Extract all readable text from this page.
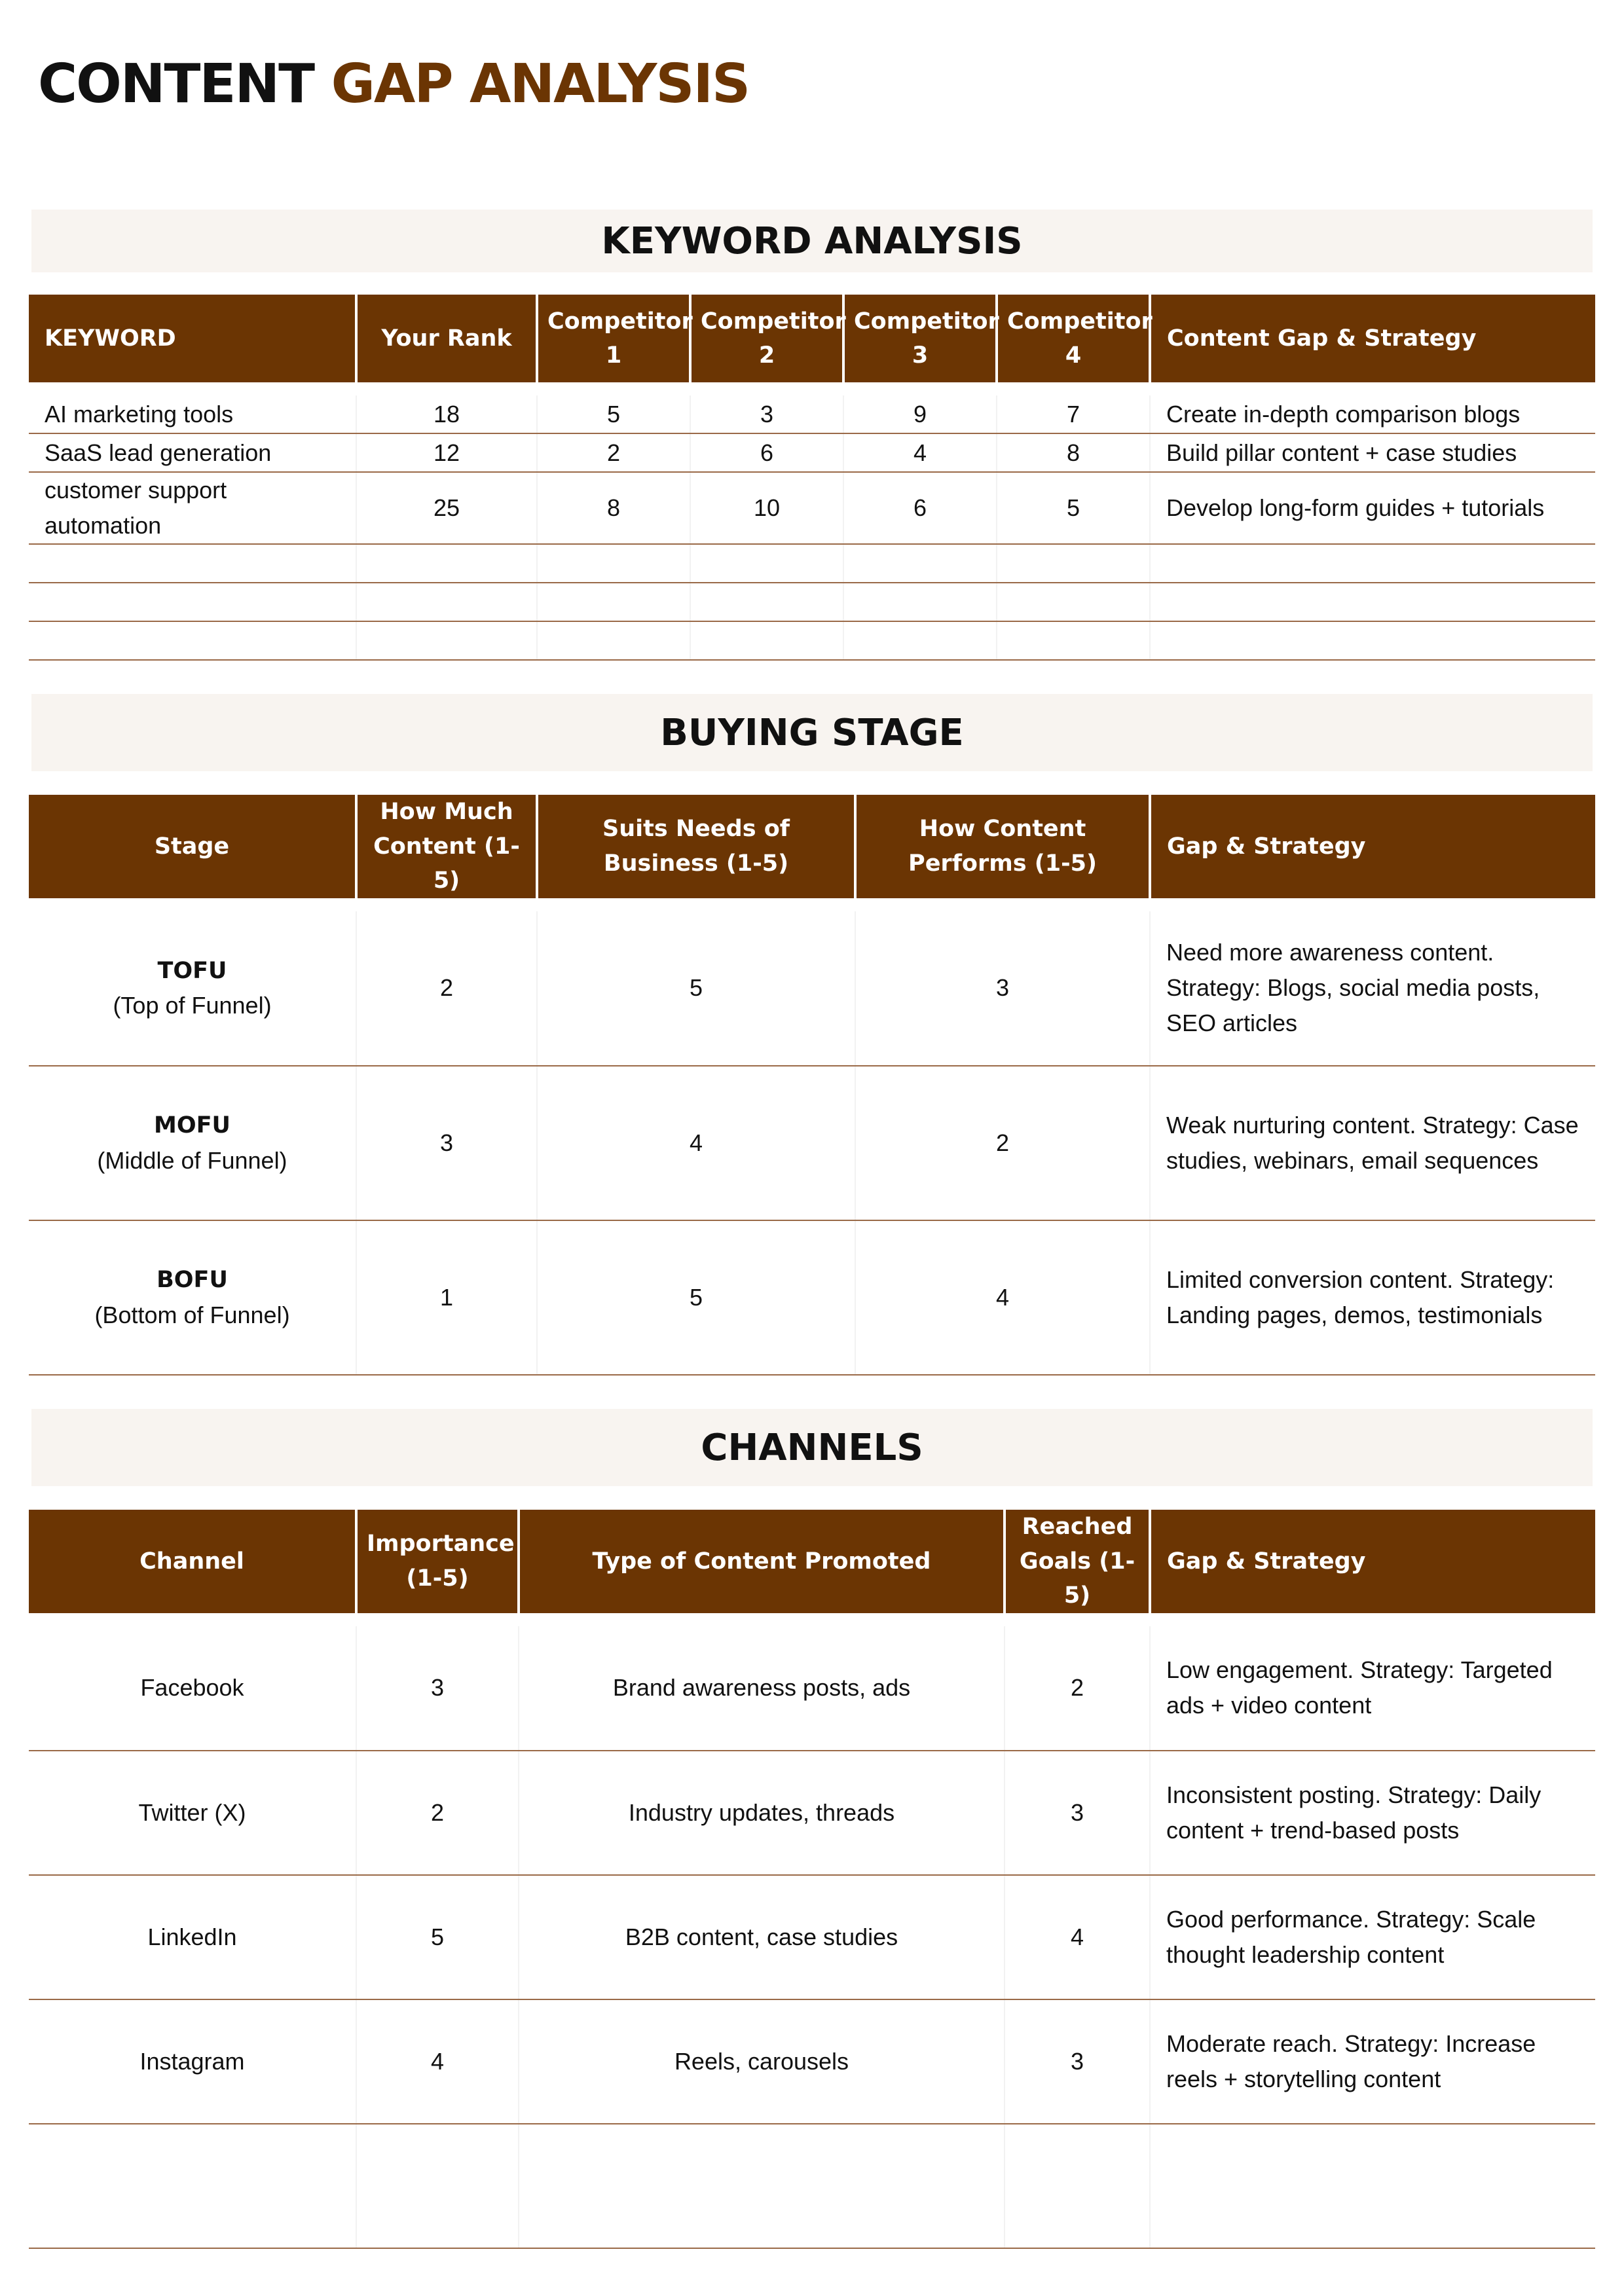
CONTENT GAP ANALYSIS
KEYWORD ANALYSIS
KEYWORD	Your Rank	Competitor 1	Competitor 2	Competitor 3	Competitor 4	Content Gap & Strategy

AI marketing tools	18	5	3	9	7	Create in-depth comparison blogs
SaaS lead generation	12	2	6	4	8	Build pillar content + case studies
customer support automation	25	8	10	6	5	Develop long-form guides + tutorials

BUYING STAGE
Stage	How Much Content (1-5)	Suits Needs of Business (1-5)	How Content Performs (1-5)	Gap & Strategy

TOFU
(Top of Funnel)	2	5	3	Need more awareness content. Strategy: Blogs, social media posts, SEO articles
MOFU
(Middle of Funnel)	3	4	2	Weak nurturing content. Strategy: Case studies, webinars, email sequences
BOFU
(Bottom of Funnel)	1	5	4	Limited conversion content. Strategy: Landing pages, demos, testimonials
CHANNELS
Channel	Importance (1-5)	Type of Content Promoted	Reached Goals (1-5)	Gap & Strategy

Facebook	3	Brand awareness posts, ads	2	Low engagement. Strategy: Targeted ads + video content
Twitter (X)	2	Industry updates, threads	3	Inconsistent posting. Strategy: Daily content + trend-based posts
LinkedIn	5	B2B content, case studies	4	Good performance. Strategy: Scale thought leadership content
Instagram	4	Reels, carousels	3	Moderate reach. Strategy: Increase reels + storytelling content
